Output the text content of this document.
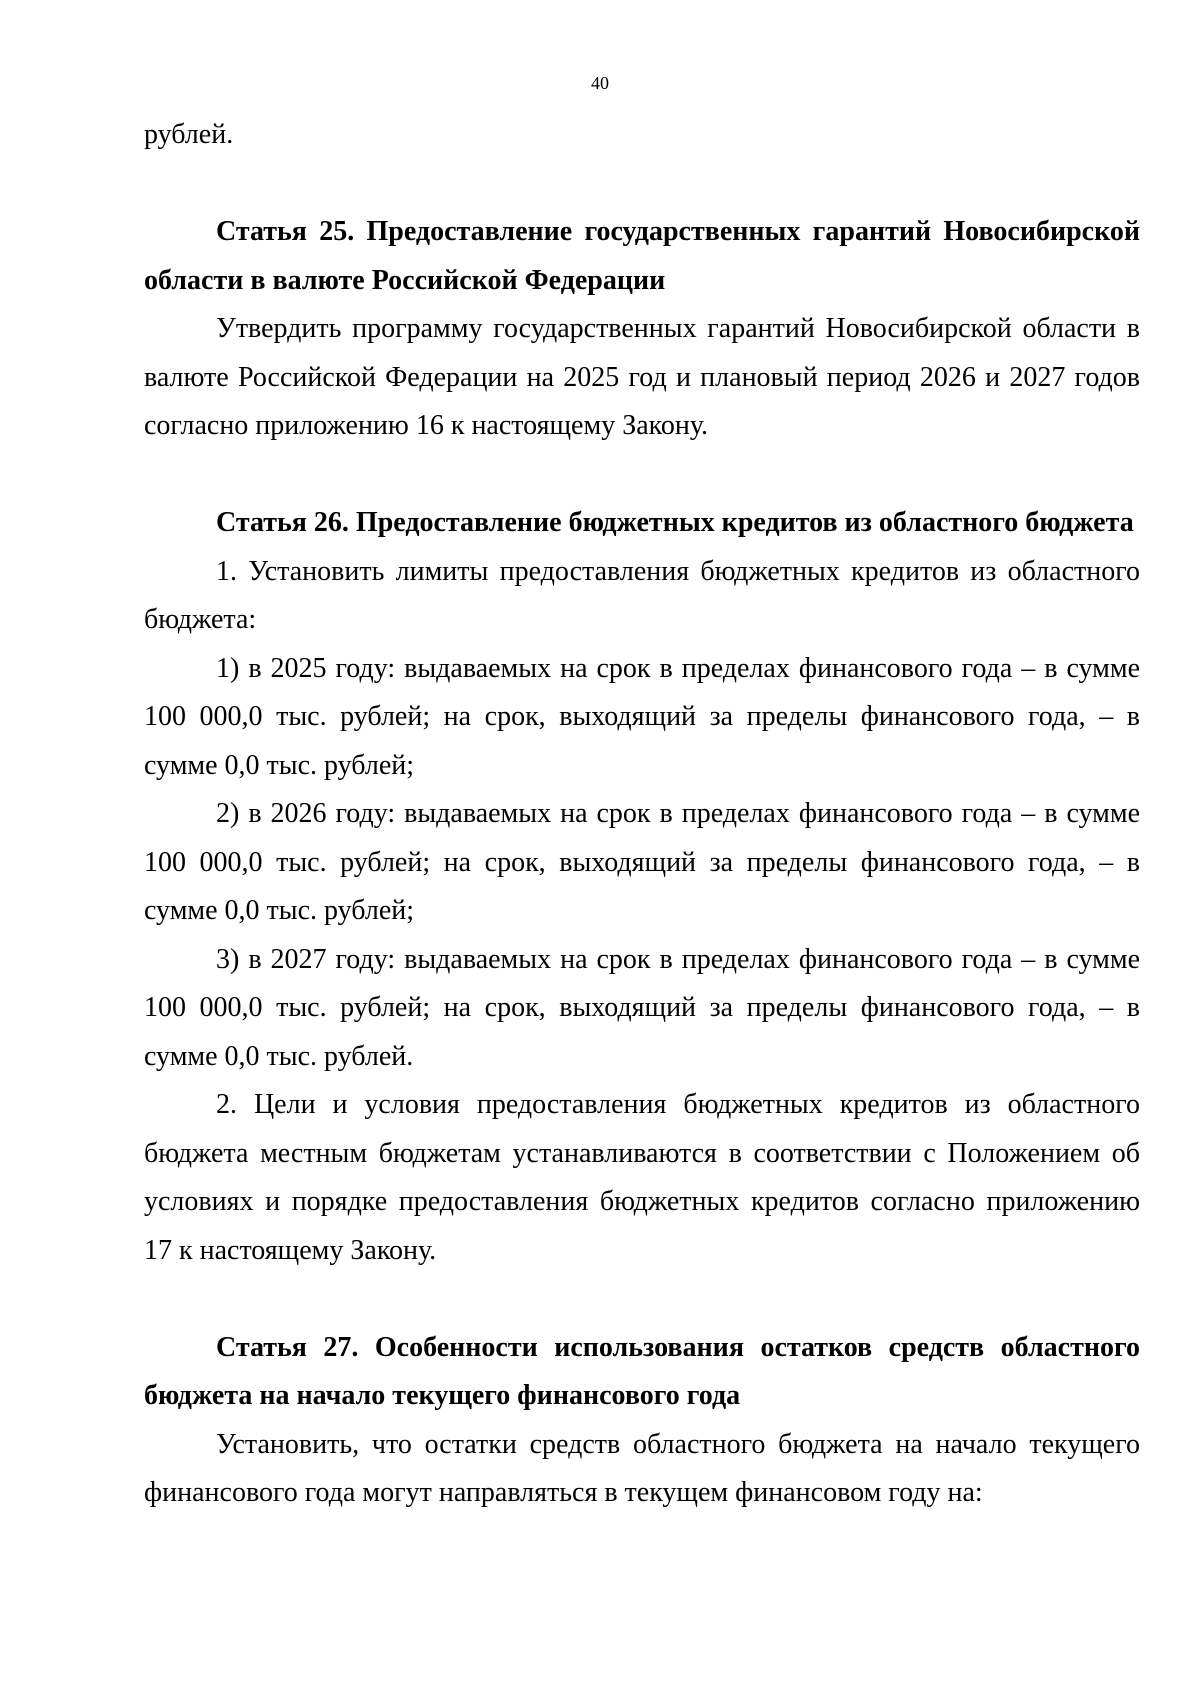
40

рублей.

Статья 25. Предоставление государственных гарантий Новосибирской области в валюте Российской Федерации

Утвердить программу государственных гарантий Новосибирской области в валюте Российской Федерации на 2025 год и плановый период 2026 и 2027 годов согласно приложению 16 к настоящему Закону.

Статья 26. Предоставление бюджетных кредитов из областного бюджета

1. Установить лимиты предоставления бюджетных кредитов из областного бюджета:

1) в 2025 году: выдаваемых на срок в пределах финансового года – в сумме 100 000,0 тыс. рублей; на срок, выходящий за пределы финансового года, – в сумме 0,0 тыс. рублей;

2) в 2026 году: выдаваемых на срок в пределах финансового года – в сумме 100 000,0 тыс. рублей; на срок, выходящий за пределы финансового года, – в сумме 0,0 тыс. рублей;

3) в 2027 году: выдаваемых на срок в пределах финансового года – в сумме 100 000,0 тыс. рублей; на срок, выходящий за пределы финансового года, – в сумме 0,0 тыс. рублей.

2. Цели и условия предоставления бюджетных кредитов из областного бюджета местным бюджетам устанавливаются в соответствии с Положением об условиях и порядке предоставления бюджетных кредитов согласно приложению 17 к настоящему Закону.

Статья 27. Особенности использования остатков средств областного бюджета на начало текущего финансового года

Установить, что остатки средств областного бюджета на начало текущего финансового года могут направляться в текущем финансовом году на:
